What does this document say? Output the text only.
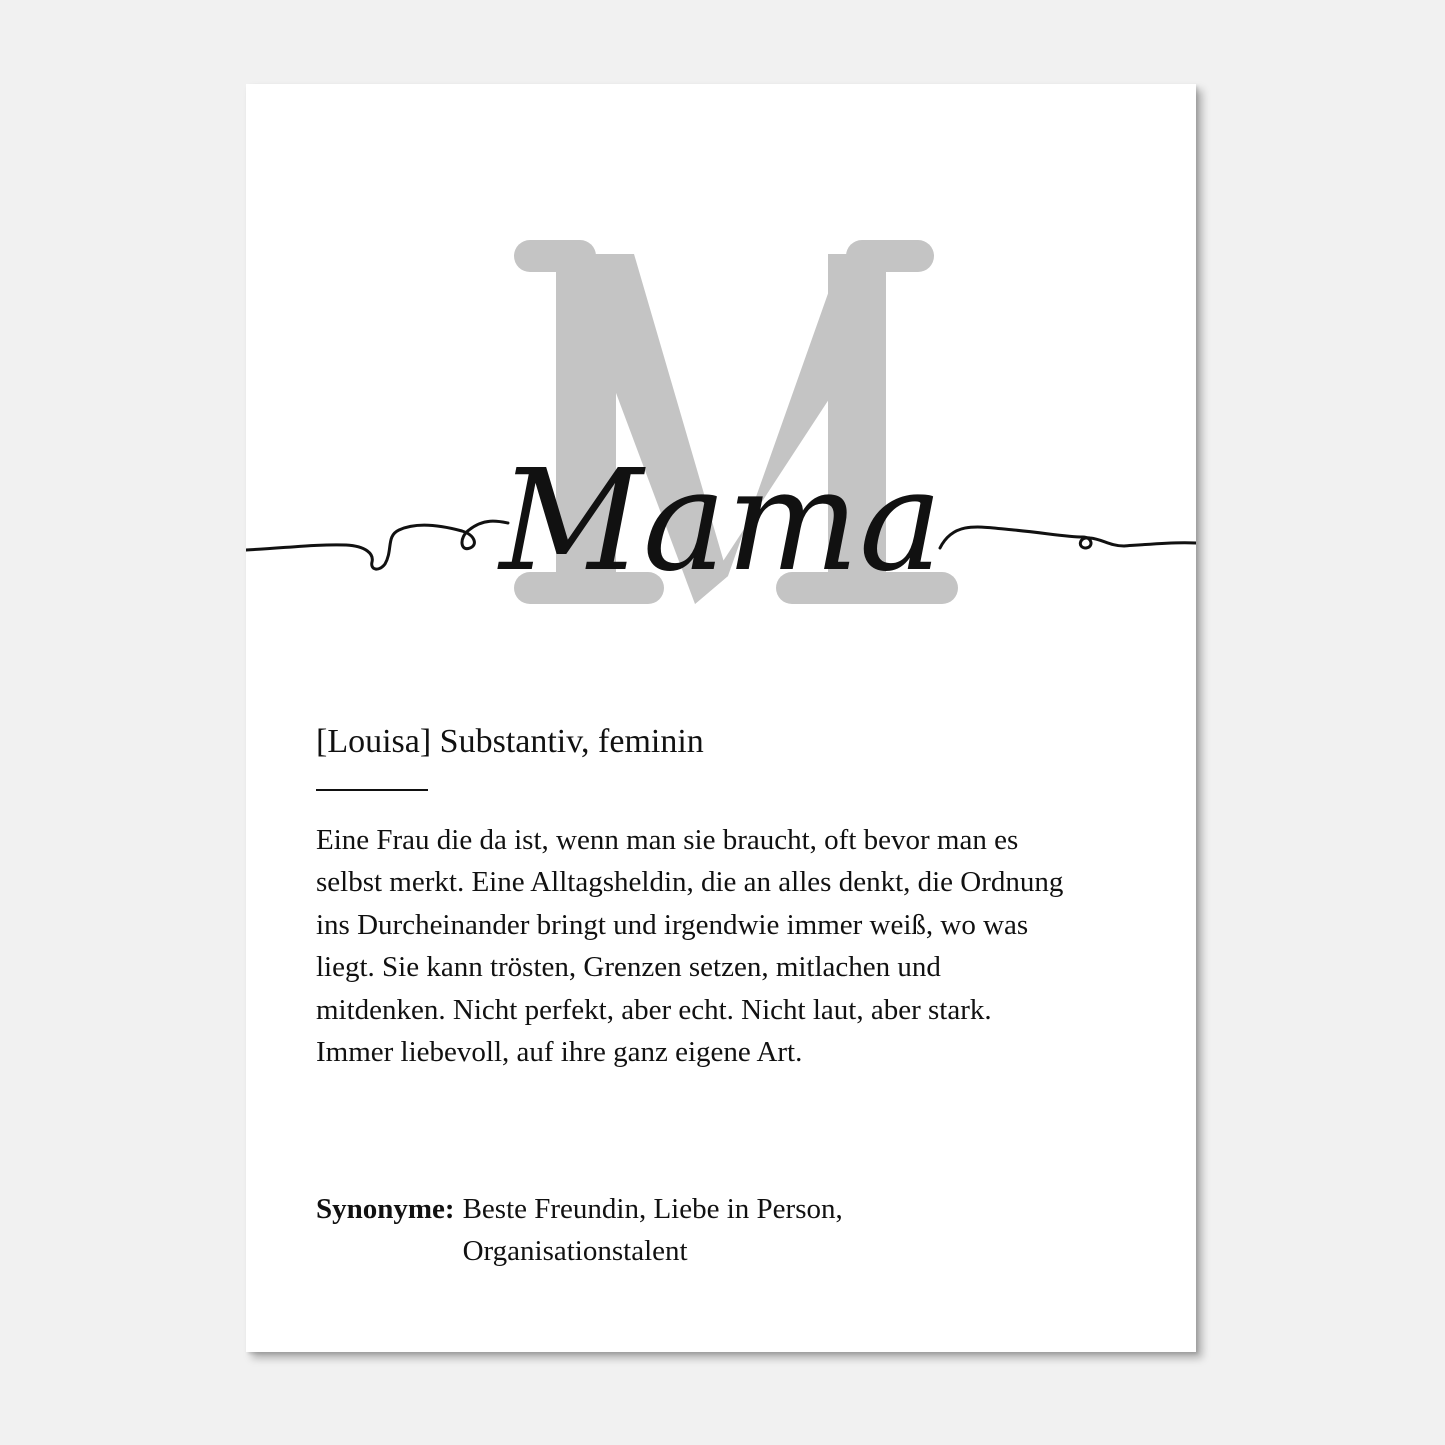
M
Mama

[Louisa] Substantiv, feminin

Eine Frau die da ist, wenn man sie braucht, oft bevor man es selbst merkt. Eine Alltagsheldin, die an alles denkt, die Ordnung ins Durcheinander bringt und irgendwie immer weiß, wo was liegt. Sie kann trösten, Grenzen setzen, mitlachen und mitdenken. Nicht perfekt, aber echt. Nicht laut, aber stark. Immer liebevoll, auf ihre ganz eigene Art.
Synonyme: Beste Freundin, Liebe in Person, Organisationstalent
